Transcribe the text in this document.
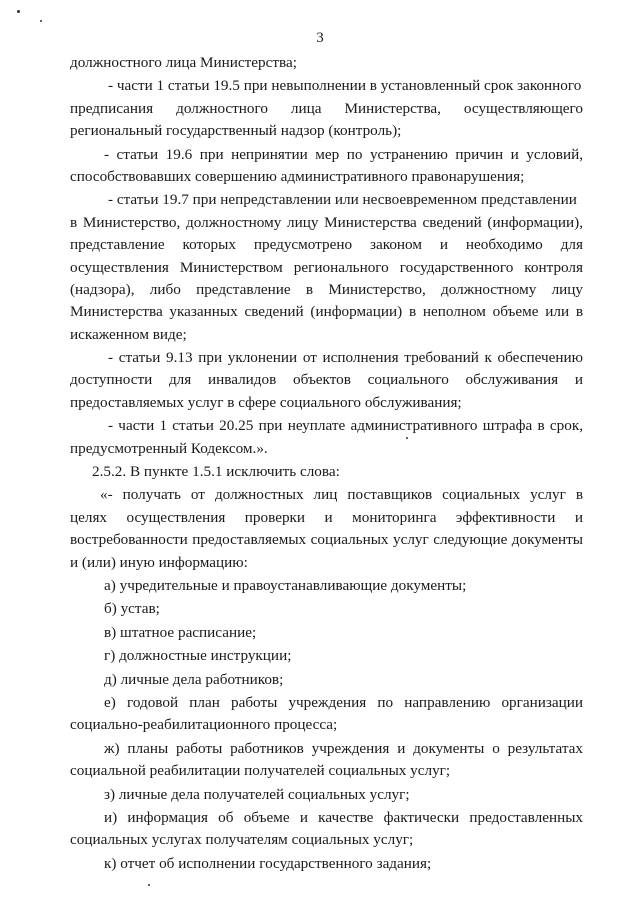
3
должностного лица Министерства;
- части 1 статьи 19.5 при невыполнении в установленный срок законного
предписания должностного лица Министерства, осуществляющего
региональный государственный надзор (контроль);
- статьи 19.6 при непринятии мер по устранению причин и условий,
способствовавших совершению административного правонарушения;
- статьи 19.7 при непредставлении или несвоевременном представлении
в Министерство, должностному лицу Министерства сведений (информации),
представление которых предусмотрено законом и необходимо для
осуществления Министерством регионального государственного контроля
(надзора), либо представление в Министерство, должностному лицу
Министерства указанных сведений (информации) в неполном объеме или в
искаженном виде;
- статьи 9.13 при уклонении от исполнения требований к обеспечению
доступности для инвалидов объектов социального обслуживания и
предоставляемых услуг в сфере социального обслуживания;
- части 1 статьи 20.25 при неуплате административного штрафа в срок,
предусмотренный Кодексом.».
2.5.2. В пункте 1.5.1 исключить слова:
«- получать от должностных лиц поставщиков социальных услуг в
целях осуществления проверки и мониторинга эффективности и
востребованности предоставляемых социальных услуг следующие документы
и (или) иную информацию:
а) учредительные и правоустанавливающие документы;
б) устав;
в) штатное расписание;
г) должностные инструкции;
д) личные дела работников;
е) годовой план работы учреждения по направлению организации
социально-реабилитационного процесса;
ж) планы работы работников учреждения и документы о результатах
социальной реабилитации получателей социальных услуг;
з) личные дела получателей социальных услуг;
и) информация об объеме и качестве фактически предоставленных
социальных услугах получателям социальных услуг;
к) отчет об исполнении государственного задания;
